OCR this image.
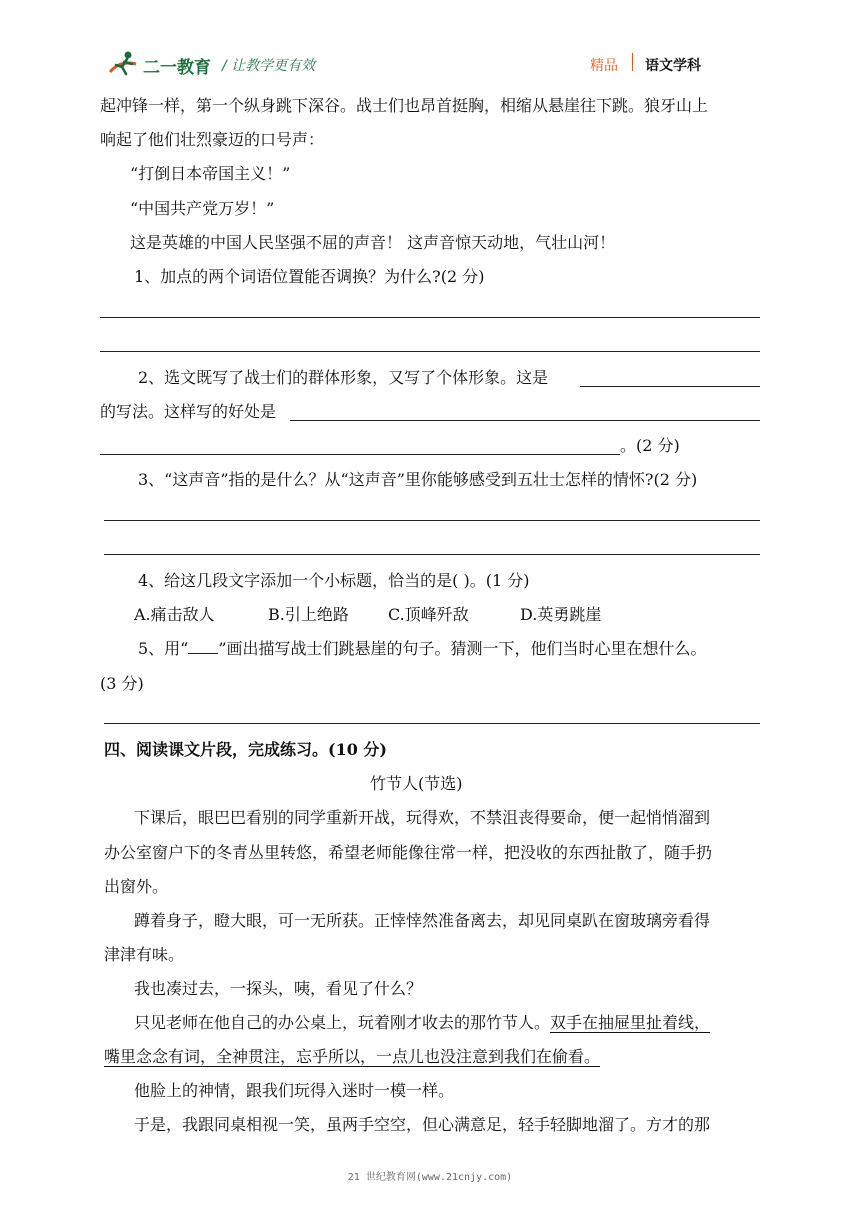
二一教育 / 让教学更有效	精品 语文学科
起冲锋一样，第一个纵身跳下深谷。战士们也昂首挺胸，相缩从悬崖往下跳。狼牙山上
响起了他们壮烈豪迈的口号声：
“打倒日本帝国主义！”
“中国共产党万岁！”
这是英雄的中国人民坚强不屈的声音！ 这声音惊天动地，气壮山河！
1、加点的两个词语位置能否调换？为什么?(2 分)
2、选文既写了战士们的群体形象，又写了个体形象。这是
的写法。这样写的好处是
。(2 分)
3、“这声音”指的是什么？从“这声音”里你能够感受到五壮士怎样的情怀?(2 分)
4、给这几段文字添加一个小标题，恰当的是( )。(1 分)
A.痛击敌人	B.引上绝路 C.顶峰歼敌	D.英勇跳崖
5、用“ ”画出描写战士们跳悬崖的句子。猜测一下，他们当时心里在想什么。
(3 分)
四、阅读课文片段，完成练习。(10 分)
竹节人(节选)
下课后，眼巴巴看别的同学重新开战，玩得欢，不禁沮丧得要命，便一起悄悄溜到
办公室窗户下的冬青丛里转悠，希望老师能像往常一样，把没收的东西扯散了，随手扔
出窗外。
蹲着身子，瞪大眼，可一无所获。正悻悻然准备离去，却见同桌趴在窗玻璃旁看得
津津有味。
我也凑过去，一探头，咦，看见了什么？
只见老师在他自己的办公桌上，玩着刚才收去的那竹节人。双手在抽屉里扯着线，
嘴里念念有词，全神贯注，忘乎所以，一点儿也没注意到我们在偷看。
他脸上的神情，跟我们玩得入迷时一模一样。
于是，我跟同桌相视一笑，虽两手空空，但心满意足，轻手轻脚地溜了。方才的那
21 世纪教育网(www.21cnjy.com)
